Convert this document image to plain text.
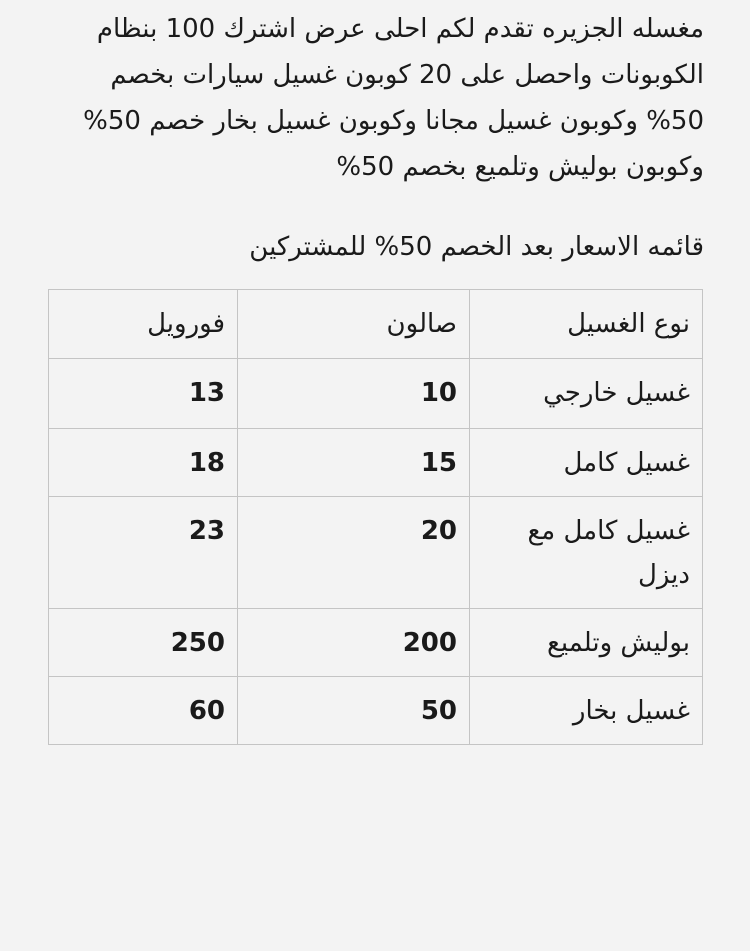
مغسله الجزيره تقدم لكم احلى عرض اشترك 100 بنظام الكوبونات واحصل على 20 كوبون غسيل سيارات بخصم 50% وكوبون غسيل مجانا وكوبون غسيل بخار خصم 50% وكوبون بوليش وتلميع بخصم 50%

قائمه الاسعار بعد الخصم 50% للمشتركين

نوع الغسيل	صالون	فورويل
غسيل خارجي	10	13
غسيل كامل	15	18
غسيل كامل مع ديزل	20	23
بوليش وتلميع	200	250
غسيل بخار	50	60
